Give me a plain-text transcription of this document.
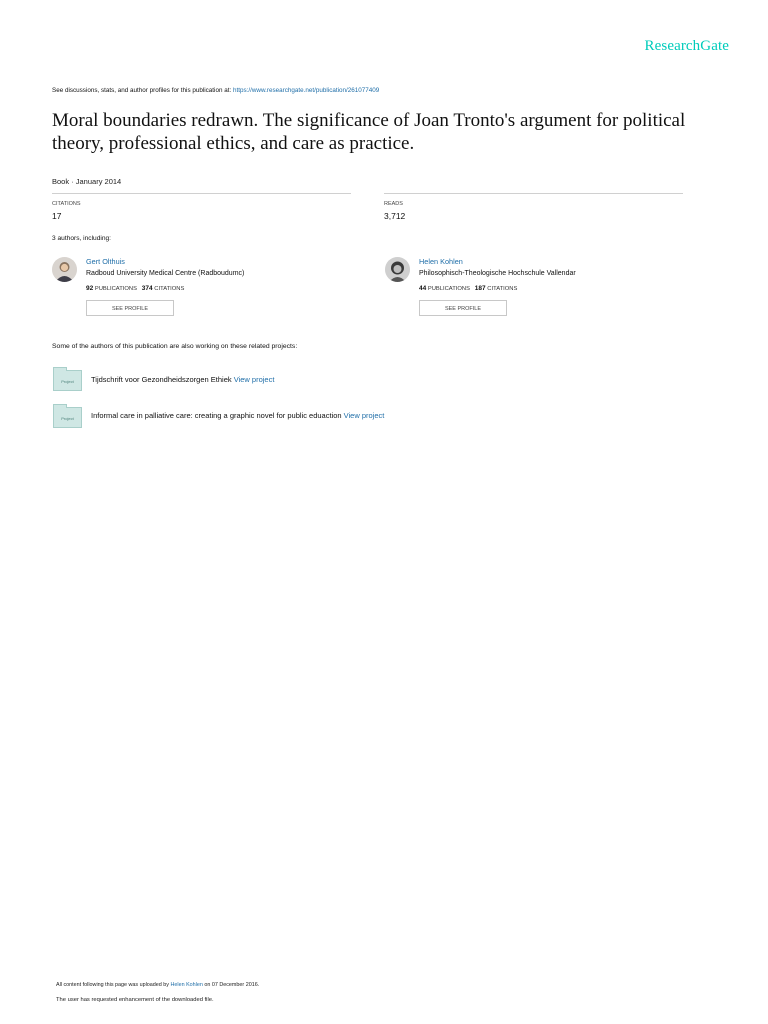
ResearchGate
See discussions, stats, and author profiles for this publication at: https://www.researchgate.net/publication/261077409
Moral boundaries redrawn. The significance of Joan Tronto's argument for political theory, professional ethics, and care as practice.
Book · January 2014
CITATIONS
17
READS
3,712
3 authors, including:
Gert Olthuis
Radboud University Medical Centre (Radboudumc)
92 PUBLICATIONS 374 CITATIONS
SEE PROFILE
Helen Kohlen
Philosophisch-Theologische Hochschule Vallendar
44 PUBLICATIONS 187 CITATIONS
SEE PROFILE
Some of the authors of this publication are also working on these related projects:
Project	Tijdschrift voor Gezondheidszorgen Ethiek View project
Project	Informal care in palliative care: creating a graphic novel for public eduaction View project
All content following this page was uploaded by Helen Kohlen on 07 December 2016.
The user has requested enhancement of the downloaded file.
